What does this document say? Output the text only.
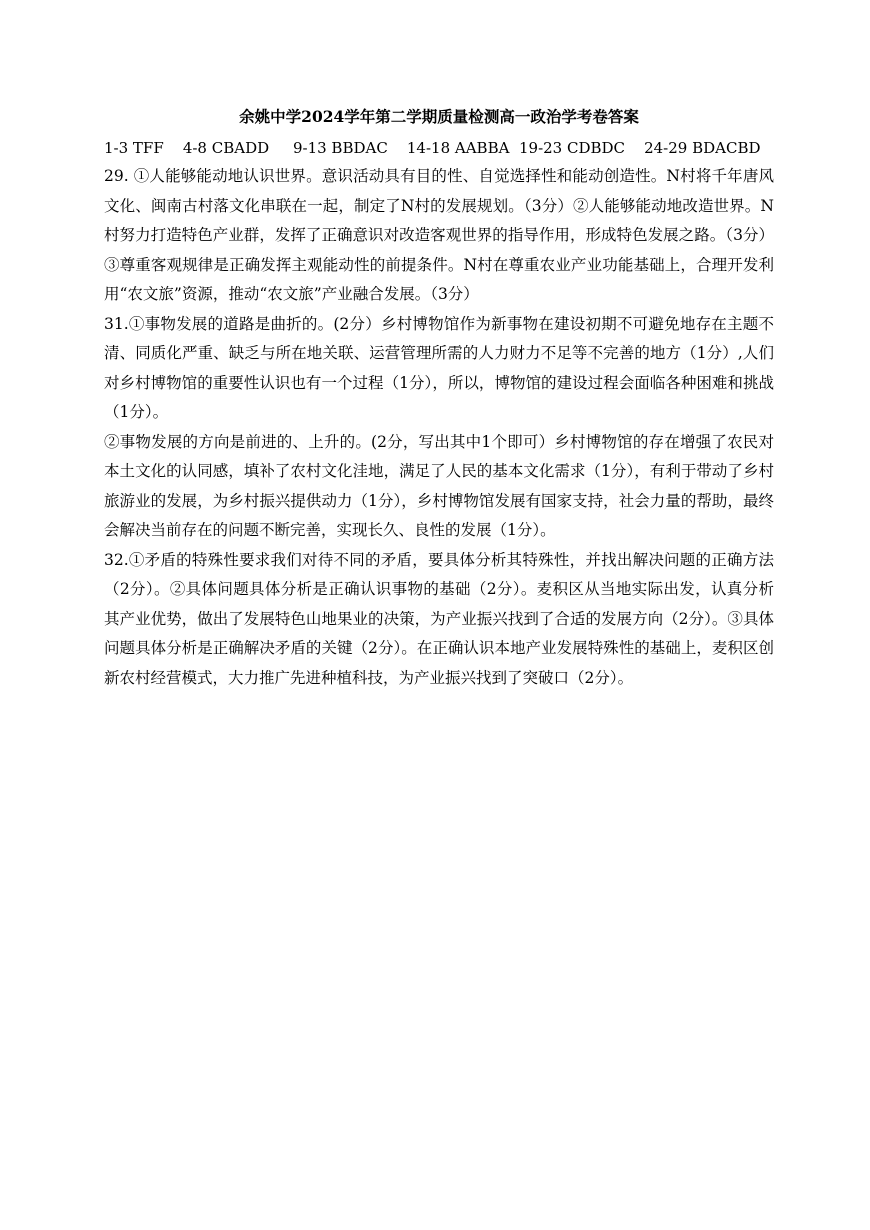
余姚中学2024学年第二学期质量检测高一政治学考卷答案
1-3 TFF    4-8 CBADD     9-13 BBDAC    14-18 AABBA  19-23 CDBDC    24-29 BDACBD

29. ①人能够能动地认识世界。意识活动具有目的性、自觉选择性和能动创造性。N村将千年唐风文化、闽南古村落文化串联在一起，制定了N村的发展规划。（3分）②人能够能动地改造世界。N村努力打造特色产业群，发挥了正确意识对改造客观世界的指导作用，形成特色发展之路。（3分）③尊重客观规律是正确发挥主观能动性的前提条件。N村在尊重农业产业功能基础上，合理开发利用“农文旅”资源，推动“农文旅”产业融合发展。（3分）

31.①事物发展的道路是曲折的。(2分）乡村博物馆作为新事物在建设初期不可避免地存在主题不清、同质化严重、缺乏与所在地关联、运营管理所需的人力财力不足等不完善的地方（1分）,人们对乡村博物馆的重要性认识也有一个过程（1分），所以，博物馆的建设过程会面临各种困难和挑战（1分）。

②事物发展的方向是前进的、上升的。(2分，写出其中1个即可）乡村博物馆的存在增强了农民对本土文化的认同感，填补了农村文化洼地，满足了人民的基本文化需求（1分），有利于带动了乡村旅游业的发展，为乡村振兴提供动力（1分），乡村博物馆发展有国家支持，社会力量的帮助，最终会解决当前存在的问题不断完善，实现长久、良性的发展（1分）。

32.①矛盾的特殊性要求我们对待不同的矛盾，要具体分析其特殊性，并找出解决问题的正确方法（2分）。②具体问题具体分析是正确认识事物的基础（2分）。麦积区从当地实际出发，认真分析其产业优势，做出了发展特色山地果业的决策，为产业振兴找到了合适的发展方向（2分）。③具体问题具体分析是正确解决矛盾的关键（2分）。在正确认识本地产业发展特殊性的基础上，麦积区创新农村经营模式，大力推广先进种植科技，为产业振兴找到了突破口（2分）。
